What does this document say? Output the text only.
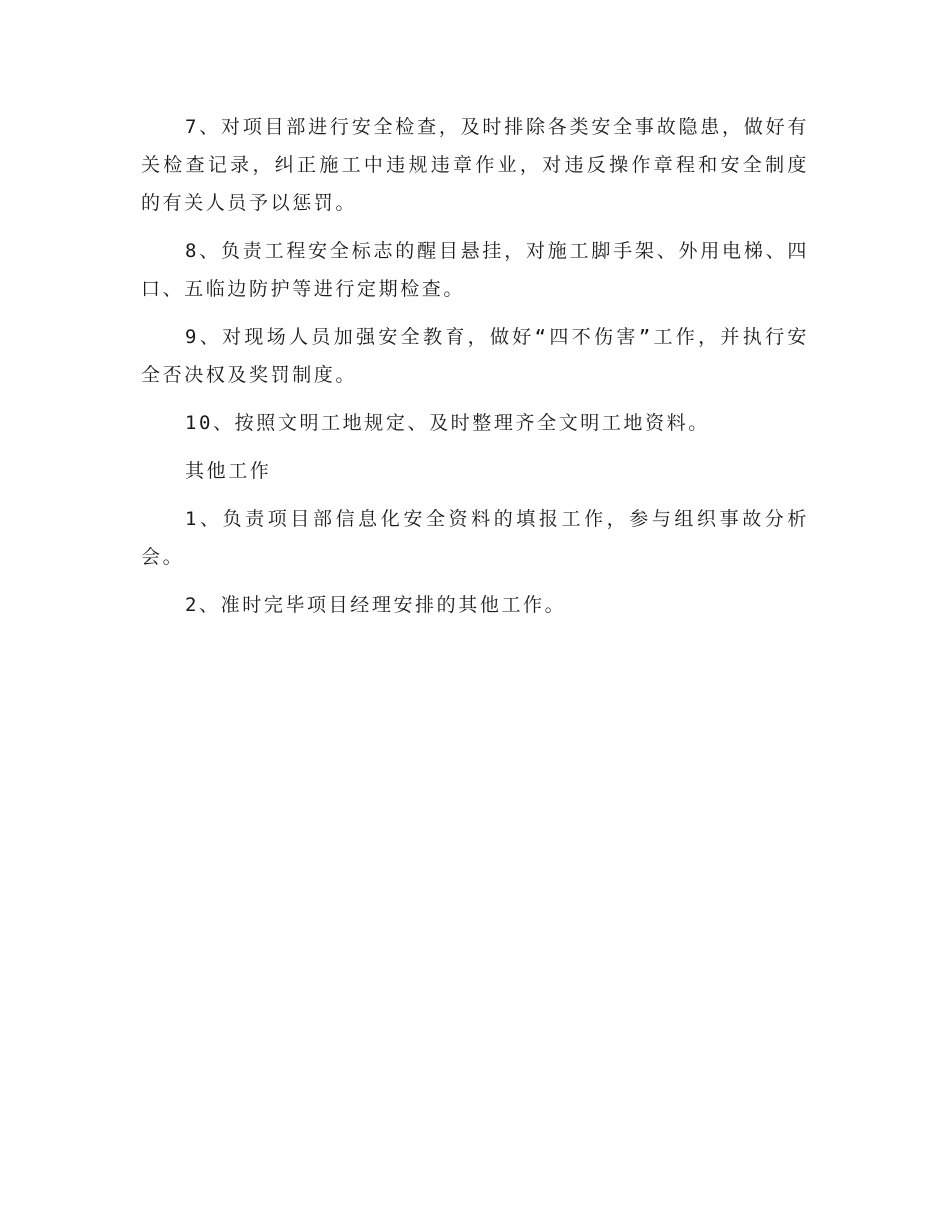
7、对项目部进行安全检查，及时排除各类安全事故隐患，做好有关检查记录，纠正施工中违规违章作业，对违反操作章程和安全制度的有关人员予以惩罚。

8、负责工程安全标志的醒目悬挂，对施工脚手架、外用电梯、四口、五临边防护等进行定期检查。

9、对现场人员加强安全教育，做好“四不伤害”工作，并执行安全否决权及奖罚制度。

10、按照文明工地规定、及时整理齐全文明工地资料。

其他工作

1、负责项目部信息化安全资料的填报工作，参与组织事故分析会。

2、准时完毕项目经理安排的其他工作。
